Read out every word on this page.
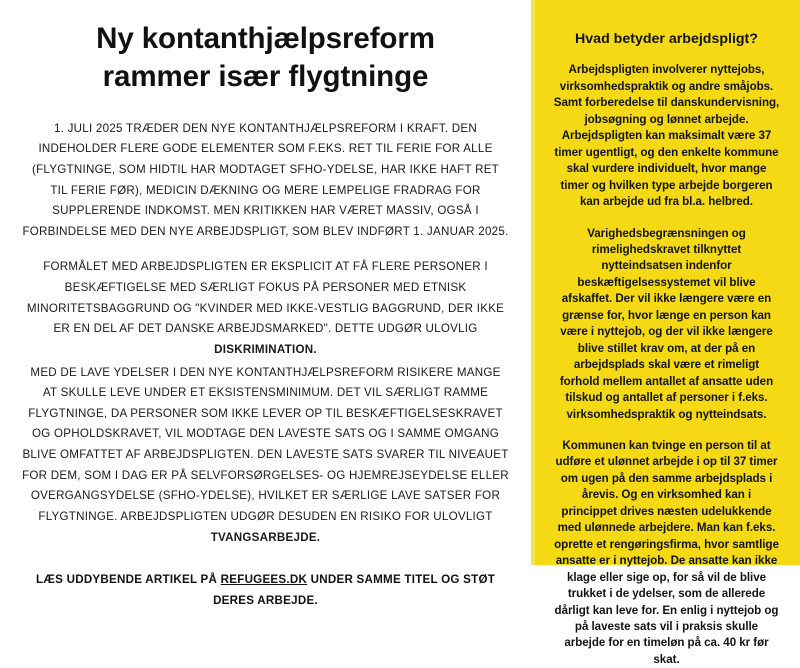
Ny kontanthjælpsreform
rammer især flygtninge

1. JULI 2025 TRÆDER DEN NYE KONTANTHJÆLPSREFORM I KRAFT. DEN INDEHOLDER FLERE GODE ELEMENTER SOM F.EKS. RET TIL FERIE FOR ALLE (FLYGTNINGE, SOM HIDTIL HAR MODTAGET SFHO-YDELSE, HAR IKKE HAFT RET TIL FERIE FØR), MEDICIN DÆKNING OG MERE LEMPELIGE FRADRAG FOR SUPPLERENDE INDKOMST. MEN KRITIKKEN HAR VÆRET MASSIV, OGSÅ I FORBINDELSE MED DEN NYE ARBEJDSPLIGT, SOM BLEV INDFØRT 1. JANUAR 2025.

FORMÅLET MED ARBEJDSPLIGTEN ER EKSPLICIT AT FÅ FLERE PERSONER I BESKÆFTIGELSE MED SÆRLIGT FOKUS PÅ PERSONER MED ETNISK MINORITETSBAGGRUND OG "KVINDER MED IKKE-VESTLIG BAGGRUND, DER IKKE ER EN DEL AF DET DANSKE ARBEJDSMARKED". DETTE UDGØR ULOVLIG DISKRIMINATION.

MED DE LAVE YDELSER I DEN NYE KONTANTHJÆLPSREFORM RISIKERE MANGE AT SKULLE LEVE UNDER ET EKSISTENSMINIMUM. DET VIL SÆRLIGT RAMME FLYGTNINGE, DA PERSONER SOM IKKE LEVER OP TIL BESKÆFTIGELSESKRAVET OG OPHOLDSKRAVET, VIL MODTAGE DEN LAVESTE SATS OG I SAMME OMGANG BLIVE OMFATTET AF ARBEJDSPLIGTEN. DEN LAVESTE SATS SVARER TIL NIVEAUET FOR DEM, SOM I DAG ER PÅ SELVFORSØRGELSES- OG HJEMREJSEYDELSE ELLER OVERGANGSYDELSE (SFHO-YDELSE), HVILKET ER SÆRLIGE LAVE SATSER FOR FLYGTNINGE. ARBEJDSPLIGTEN UDGØR DESUDEN EN RISIKO FOR ULOVLIGT TVANGSARBEJDE.

LÆS UDDYBENDE ARTIKEL PÅ REFUGEES.DK UNDER SAMME TITEL OG STØT DERES ARBEJDE.

Hvad betyder arbejdspligt?

Arbejdspligten involverer nyttejobs, virksomhedspraktik og andre småjobs. Samt forberedelse til danskundervisning, jobsøgning og lønnet arbejde. Arbejdspligten kan maksimalt være 37 timer ugentligt, og den enkelte kommune skal vurdere individuelt, hvor mange timer og hvilken type arbejde borgeren kan arbejde ud fra bl.a. helbred.

Varighedsbegrænsningen og rimelighedskravet tilknyttet nytteindsatsen indenfor beskæftigelsessystemet vil blive afskaffet. Der vil ikke længere være en grænse for, hvor længe en person kan være i nyttejob, og der vil ikke længere blive stillet krav om, at der på en arbejdsplads skal være et rimeligt forhold mellem antallet af ansatte uden tilskud og antallet af personer i f.eks. virksomhedspraktik og nytteindsats.

Kommunen kan tvinge en person til at udføre et ulønnet arbejde i op til 37 timer om ugen på den samme arbejdsplads i årevis. Og en virksomhed kan i princippet drives næsten udelukkende med ulønnede arbejdere. Man kan f.eks. oprette et rengøringsfirma, hvor samtlige ansatte er i nyttejob. De ansatte kan ikke klage eller sige op, for så vil de blive trukket i de ydelser, som de allerede dårligt kan leve for. En enlig i nyttejob og på laveste sats vil i praksis skulle arbejde for en timeløn på ca. 40 kr før skat.
